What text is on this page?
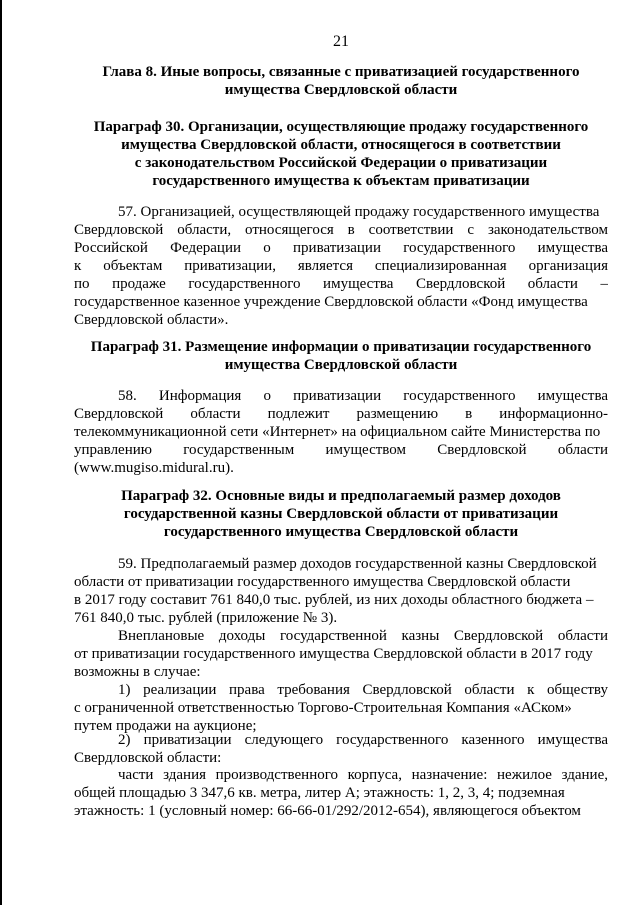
21
Глава 8. Иные вопросы, связанные с приватизацией государственного
имущества Свердловской области
Параграф 30. Организации, осуществляющие продажу государственного
имущества Свердловской области, относящегося в соответствии
с законодательством Российской Федерации о приватизации
государственного имущества к объектам приватизации
57. Организацией, осуществляющей продажу государственного имущества
Свердловской области, относящегося в соответствии с законодательством
Российской Федерации о приватизации государственного имущества
к объектам приватизации, является специализированная организация
по продаже государственного имущества Свердловской области –
государственное казенное учреждение Свердловской области «Фонд имущества
Свердловской области».
Параграф 31. Размещение информации о приватизации государственного
имущества Свердловской области
58. Информация о приватизации государственного имущества
Свердловской области подлежит размещению в информационно-
телекоммуникационной сети «Интернет» на официальном сайте Министерства по
управлению государственным имуществом Свердловской области
(www.mugiso.midural.ru).
Параграф 32. Основные виды и предполагаемый размер доходов
государственной казны Свердловской области от приватизации
государственного имущества Свердловской области
59. Предполагаемый размер доходов государственной казны Свердловской
области от приватизации государственного имущества Свердловской области
в 2017 году составит 761 840,0 тыс. рублей, из них доходы областного бюджета –
761 840,0 тыс. рублей (приложение № 3).
Внеплановые доходы государственной казны Свердловской области
от приватизации государственного имущества Свердловской области в 2017 году
возможны в случае:
1) реализации права требования Свердловской области к обществу
с ограниченной ответственностью Торгово-Строительная Компания «АСком»
путем продажи на аукционе;
2) приватизации следующего государственного казенного имущества
Свердловской области:
части здания производственного корпуса, назначение: нежилое здание,
общей площадью 3 347,6 кв. метра, литер А; этажность: 1, 2, 3, 4; подземная
этажность: 1 (условный номер: 66-66-01/292/2012-654), являющегося объектом
